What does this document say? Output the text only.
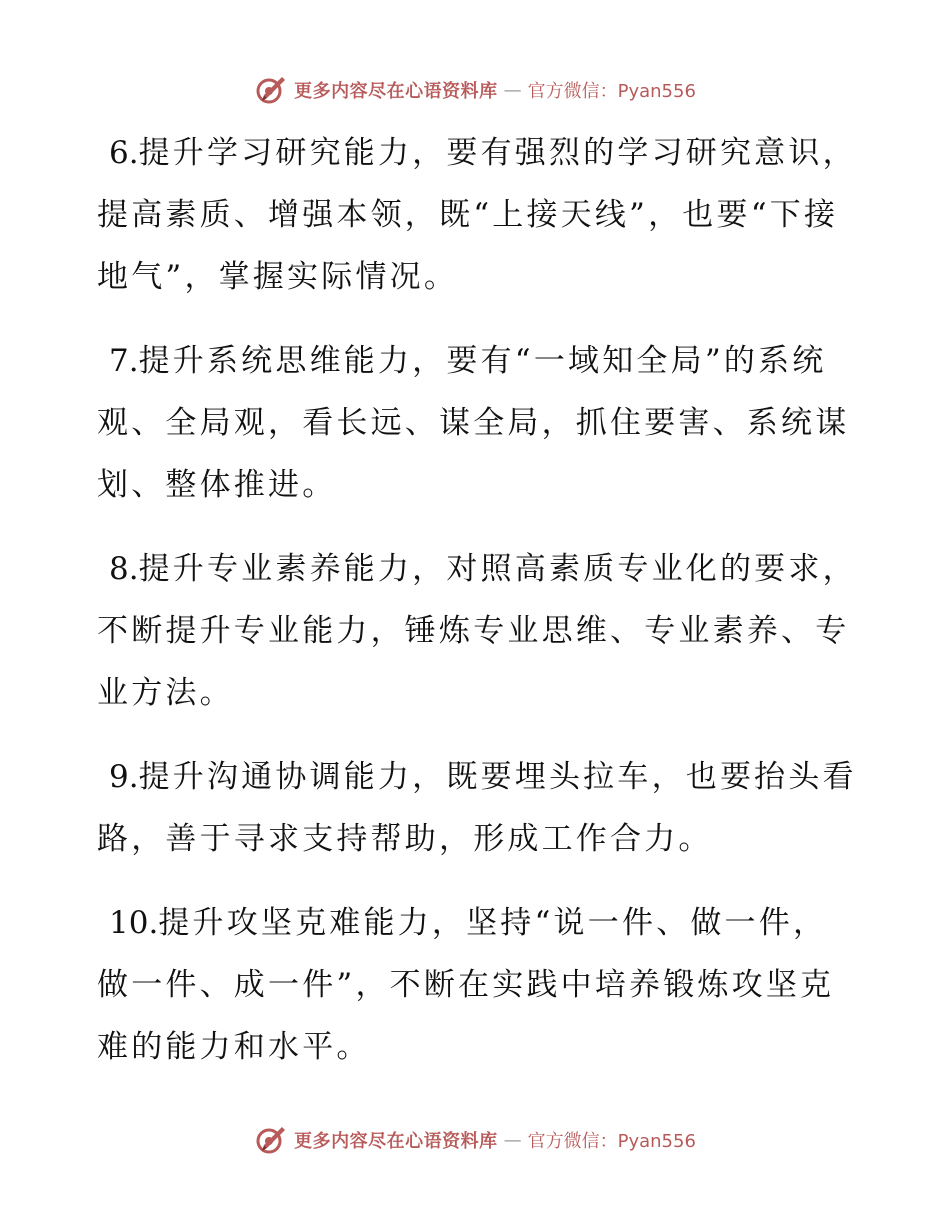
更多内容尽在心语资料库 — 官方微信：Pyan556

6.提升学习研究能力，要有强烈的学习研究意识，提高素质、增强本领，既“上接天线”，也要“下接地气”，掌握实际情况。

7.提升系统思维能力，要有“一域知全局”的系统观、全局观，看长远、谋全局，抓住要害、系统谋划、整体推进。

8.提升专业素养能力，对照高素质专业化的要求，不断提升专业能力，锤炼专业思维、专业素养、专业方法。

9.提升沟通协调能力，既要埋头拉车，也要抬头看路，善于寻求支持帮助，形成工作合力。

10.提升攻坚克难能力，坚持“说一件、做一件，做一件、成一件”，不断在实践中培养锻炼攻坚克难的能力和水平。

更多内容尽在心语资料库 — 官方微信：Pyan556
